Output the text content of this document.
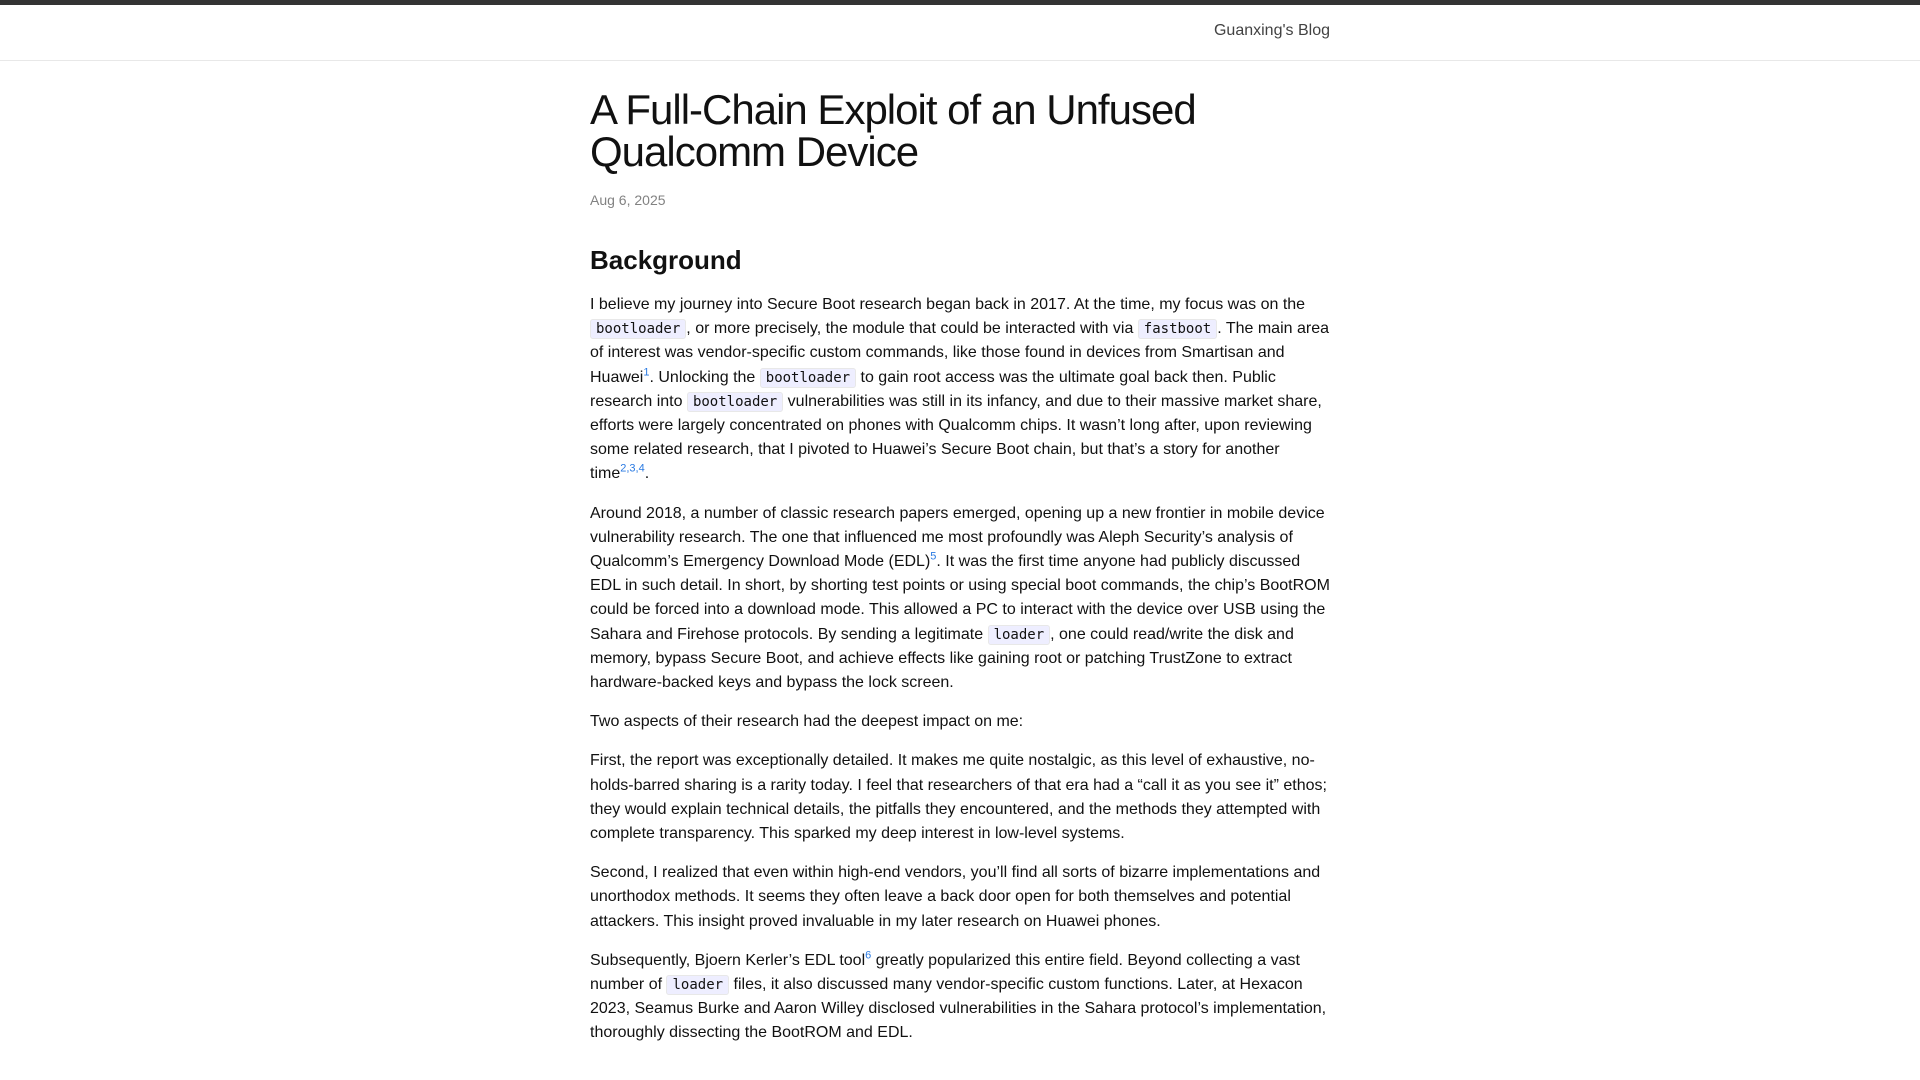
Guanxing's Blog
A Full-Chain Exploit of an Unfused Qualcomm Device
Aug 6, 2025
Background

I believe my journey into Secure Boot research began back in 2017. At the time, my focus was on the bootloader , or more precisely, the module that could be interacted with via fastboot . The main area of interest was vendor-specific custom commands, like those found in devices from Smartisan and Huawei$^1$. Unlocking the bootloader to gain root access was the ultimate goal back then. Public research into bootloader vulnerabilities was still in its infancy, and due to their massive market share, efforts were largely concentrated on phones with Qualcomm chips. It wasn’t long after, upon reviewing some related research, that I pivoted to Huawei’s Secure Boot chain, but that’s a story for another time$^{2,3,4}$.

Around 2018, a number of classic research papers emerged, opening up a new frontier in mobile device vulnerability research. The one that influenced me most profoundly was Aleph Security’s analysis of Qualcomm’s Emergency Download Mode (EDL)$^5$. It was the first time anyone had publicly discussed EDL in such detail. In short, by shorting test points or using special boot commands, the chip’s BootROM could be forced into a download mode. This allowed a PC to interact with the device over USB using the Sahara and Firehose protocols. By sending a legitimate loader , one could read/write the disk and memory, bypass Secure Boot, and achieve effects like gaining root or patching TrustZone to extract hardware-backed keys and bypass the lock screen.

Two aspects of their research had the deepest impact on me:

First, the report was exceptionally detailed. It makes me quite nostalgic, as this level of exhaustive, no-holds-barred sharing is a rarity today. I feel that researchers of that era had a “call it as you see it” ethos; they would explain technical details, the pitfalls they encountered, and the methods they attempted with complete transparency. This sparked my deep interest in low-level systems.

Second, I realized that even within high-end vendors, you’ll find all sorts of bizarre implementations and unorthodox methods. It seems they often leave a back door open for both themselves and potential attackers. This insight proved invaluable in my later research on Huawei phones.

Subsequently, Bjoern Kerler’s EDL tool$^6$ greatly popularized this entire field. Beyond collecting a vast number of loader files, it also discussed many vendor-specific custom functions. Later, at Hexacon 2023, Seamus Burke and Aaron Willey disclosed vulnerabilities in the Sahara protocol’s implementation, thoroughly dissecting the BootROM and EDL.
